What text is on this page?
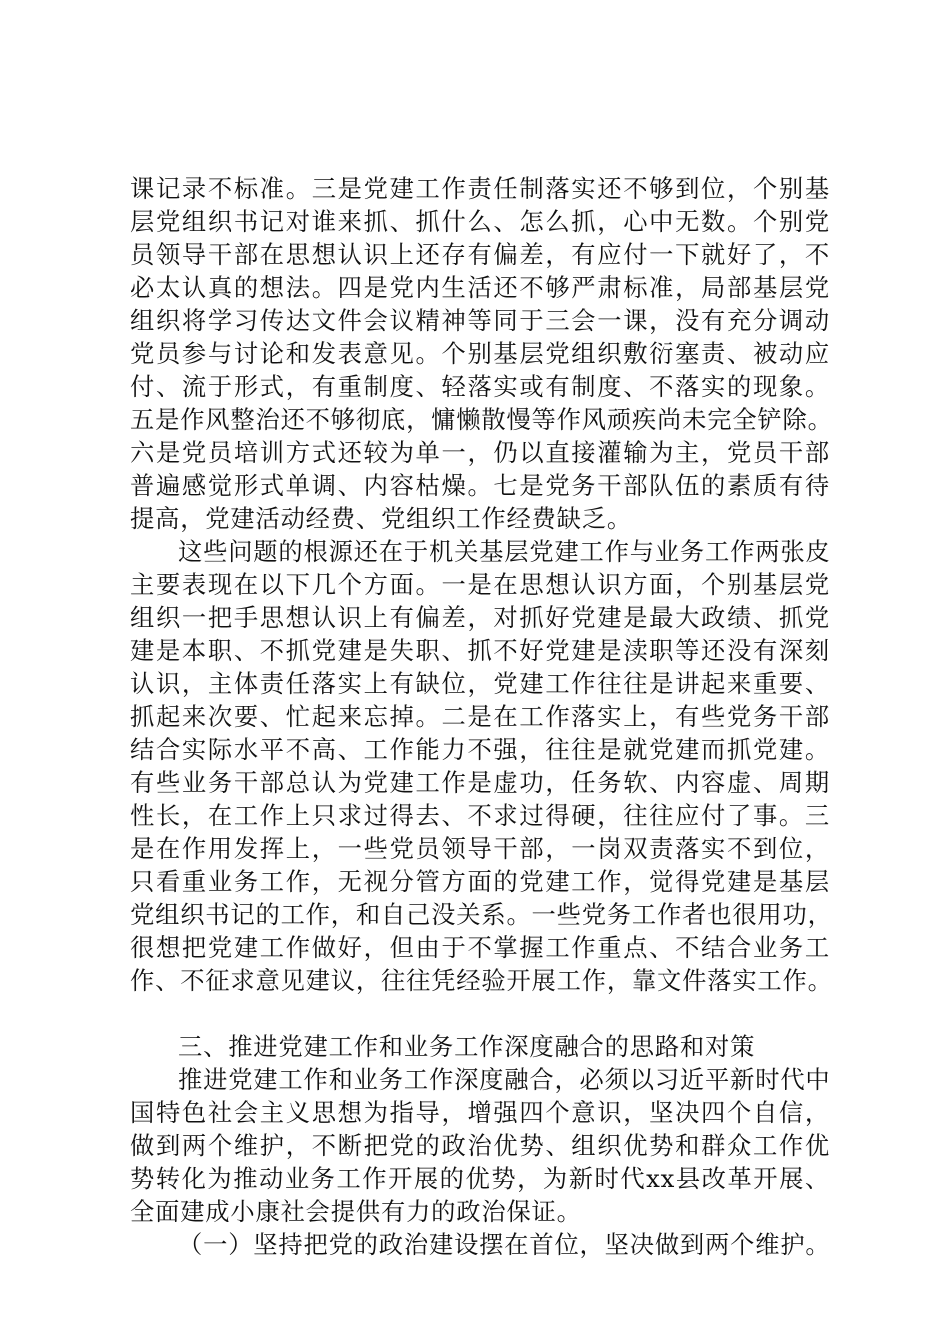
课记录不标准。三是党建工作责任制落实还不够到位，个别基
层党组织书记对谁来抓、抓什么、怎么抓，心中无数。个别党
员领导干部在思想认识上还存有偏差，有应付一下就好了，不
必太认真的想法。四是党内生活还不够严肃标准，局部基层党
组织将学习传达文件会议精神等同于三会一课，没有充分调动
党员参与讨论和发表意见。个别基层党组织敷衍塞责、被动应
付、流于形式，有重制度、轻落实或有制度、不落实的现象。
五是作风整治还不够彻底，慵懒散慢等作风顽疾尚未完全铲除。
六是党员培训方式还较为单一，仍以直接灌输为主，党员干部
普遍感觉形式单调、内容枯燥。七是党务干部队伍的素质有待
提高，党建活动经费、党组织工作经费缺乏。
这些问题的根源还在于机关基层党建工作与业务工作两张皮
主要表现在以下几个方面。一是在思想认识方面，个别基层党
组织一把手思想认识上有偏差，对抓好党建是最大政绩、抓党
建是本职、不抓党建是失职、抓不好党建是渎职等还没有深刻
认识，主体责任落实上有缺位，党建工作往往是讲起来重要、
抓起来次要、忙起来忘掉。二是在工作落实上，有些党务干部
结合实际水平不高、工作能力不强，往往是就党建而抓党建。
有些业务干部总认为党建工作是虚功，任务软、内容虚、周期
性长，在工作上只求过得去、不求过得硬，往往应付了事。三
是在作用发挥上，一些党员领导干部，一岗双责落实不到位，
只看重业务工作，无视分管方面的党建工作，觉得党建是基层
党组织书记的工作，和自己没关系。一些党务工作者也很用功，
很想把党建工作做好，但由于不掌握工作重点、不结合业务工
作、不征求意见建议，往往凭经验开展工作，靠文件落实工作。
三、推进党建工作和业务工作深度融合的思路和对策
推进党建工作和业务工作深度融合，必须以习近平新时代中
国特色社会主义思想为指导，增强四个意识，坚决四个自信，
做到两个维护，不断把党的政治优势、组织优势和群众工作优
势转化为推动业务工作开展的优势，为新时代xx县改革开展、
全面建成小康社会提供有力的政治保证。
（一）坚持把党的政治建设摆在首位，坚决做到两个维护。
